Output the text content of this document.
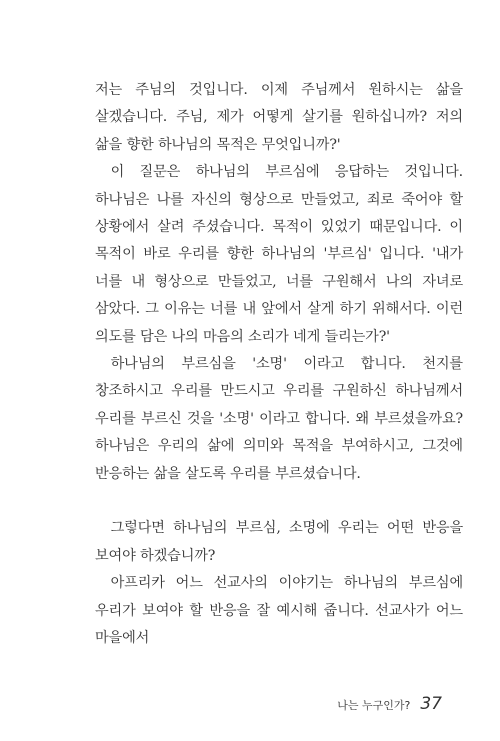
저는 주님의 것입니다. 이제 주님께서 원하시는 삶을 살겠습니다. 주님, 제가 어떻게 살기를 원하십니까? 저의 삶을 향한 하나님의 목적은 무엇입니까?'

이 질문은 하나님의 부르심에 응답하는 것입니다. 하나님은 나를 자신의 형상으로 만들었고, 죄로 죽어야 할 상황에서 살려 주셨습니다. 목적이 있었기 때문입니다. 이 목적이 바로 우리를 향한 하나님의 '부르심' 입니다. '내가 너를 내 형상으로 만들었고, 너를 구원해서 나의 자녀로 삼았다. 그 이유는 너를 내 앞에서 살게 하기 위해서다. 이런 의도를 담은 나의 마음의 소리가 네게 들리는가?'

하나님의 부르심을 '소명' 이라고 합니다. 천지를 창조하시고 우리를 만드시고 우리를 구원하신 하나님께서 우리를 부르신 것을 '소명' 이라고 합니다. 왜 부르셨을까요? 하나님은 우리의 삶에 의미와 목적을 부여하시고, 그것에 반응하는 삶을 살도록 우리를 부르셨습니다.

그렇다면 하나님의 부르심, 소명에 우리는 어떤 반응을 보여야 하겠습니까?

아프리카 어느 선교사의 이야기는 하나님의 부르심에 우리가 보여야 할 반응을 잘 예시해 줍니다. 선교사가 어느 마을에서

나는 누구인가? 37
